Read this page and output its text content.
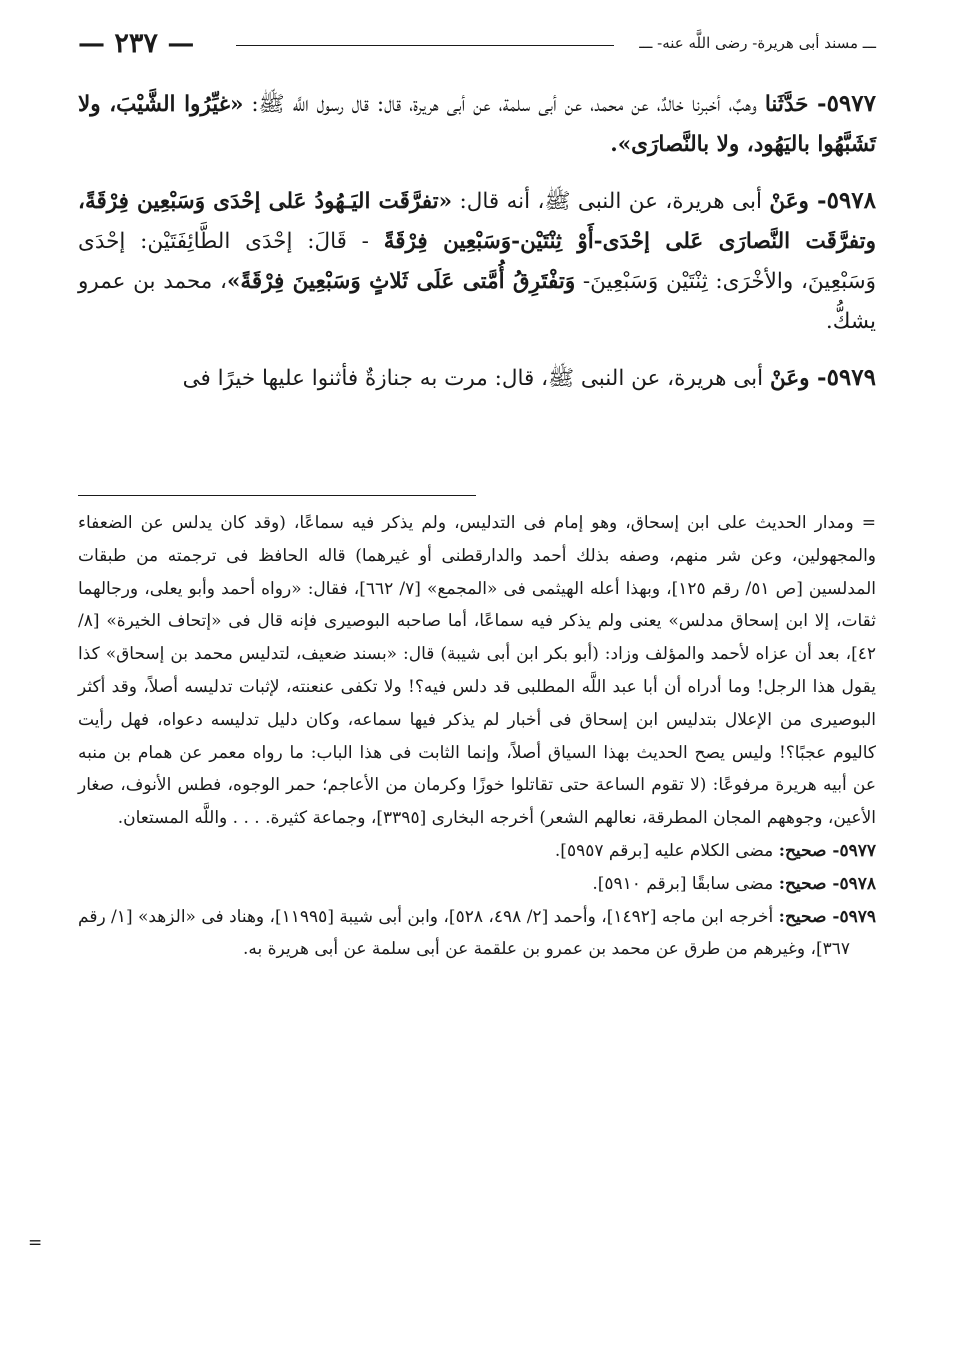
ـــ مسند أبى هريرة- رضى اللَّه عنه- ـــ
— ٢٣٧ —

٥٩٧٧- حَدَّثَنا وهبٌ، أخبرنا خالدٌ، عن محمد، عن أبى سلمة، عن أبى هريرة، قال: قال رسول اللَّه ﷺ: «غيِّرُوا الشَّيْبَ، ولا تَشَبَّهُوا باليَهُود، ولا بالنَّصارَى».

٥٩٧٨- وعَنْ أبى هريرة، عن النبى ﷺ، أنه قال: «تفرَّقَت اليَـهُودُ عَلى إحْدَى وَسَبْعِين فِرْقَةً، وتفرَّقَت النَّصارَى عَلى إحْدَى-أَوْ ثِنْتَيْن-وَسَبْعِين فِرْقَةً - قَالَ: إحْدَى الطَّائِفَتَيْن: إحْدَى وَسَبْعِينَ، والأخْرَى: ثِنْتَيْن وَسَبْعِينَ- وَتفْتَرِقُ أُمَّتى عَلَى ثَلاثٍ وَسَبْعِينَ فِرْقَةً»، محمد بن عمرو يشكُّ.

٥٩٧٩- وعَنْ أبى هريرة، عن النبى ﷺ، قال: مرت به جنازةٌ فأثنوا عليها خيرًا فى

= ومدار الحديث على ابن إسحاق، وهو إمام فى التدليس، ولم يذكر فيه سماعًا، (وقد كان يدلس عن الضعفاء والمجهولين، وعن شر منهم، وصفه بذلك أحمد والدارقطنى أو غيرهما) قاله الحافظ فى ترجمته من طبقات المدلسين [ص ٥١/ رقم ١٢٥]، وبهذا أعله الهيثمى فى «المجمع» [٧/ ٦٦٢]، فقال: «رواه أحمد وأبو يعلى، ورجالهما ثقات، إلا ابن إسحاق مدلس» يعنى ولم يذكر فيه سماعًا، أما صاحبه البوصيرى فإنه قال فى «إتحاف الخيرة» [٨/ ٤٢]، بعد أن عزاه لأحمد والمؤلف وزاد: (أبو بكر ابن أبى شيبة) قال: «بسند ضعيف، لتدليس محمد بن إسحاق» كذا يقول هذا الرجل! وما أدراه أن أبا عبد اللَّه المطلبى قد دلس فيه؟! ولا تكفى عنعنته، لإثبات تدليسه أصلاً، وقد أكثر البوصيرى من الإعلال بتدليس ابن إسحاق فى أخبار لم يذكر فيها سماعه، وكان دليل تدليسه دعواه، فهل رأيت كاليوم عجبًا؟! وليس يصح الحديث بهذا السياق أصلاً، وإنما الثابت فى هذا الباب: ما رواه معمر عن همام بن منبه عن أبيه هريرة مرفوعًا: (لا تقوم الساعة حتى تقاتلوا خوزًا وكرمان من الأعاجم؛ حمر الوجوه، فطس الأنوف، صغار الأعين، وجوههم المجان المطرقة، نعالهم الشعر) أخرجه البخارى [٣٣٩٥]، وجماعة كثيرة. . . . واللَّه المستعان.

٥٩٧٧- صحيح: مضى الكلام عليه [برقم ٥٩٥٧].

٥٩٧٨- صحيح: مضى سابقًا [برقم ٥٩١٠].

٥٩٧٩- صحيح: أخرجه ابن ماجه [١٤٩٢]، وأحمد [٢/ ٤٩٨، ٥٢٨]، وابن أبى شيبة [١١٩٩٥]، وهناد فى «الزهد» [١/ رقم ٣٦٧]، وغيرهم من طرق عن محمد بن عمرو بن علقمة عن أبى سلمة عن أبى هريرة به.

=
